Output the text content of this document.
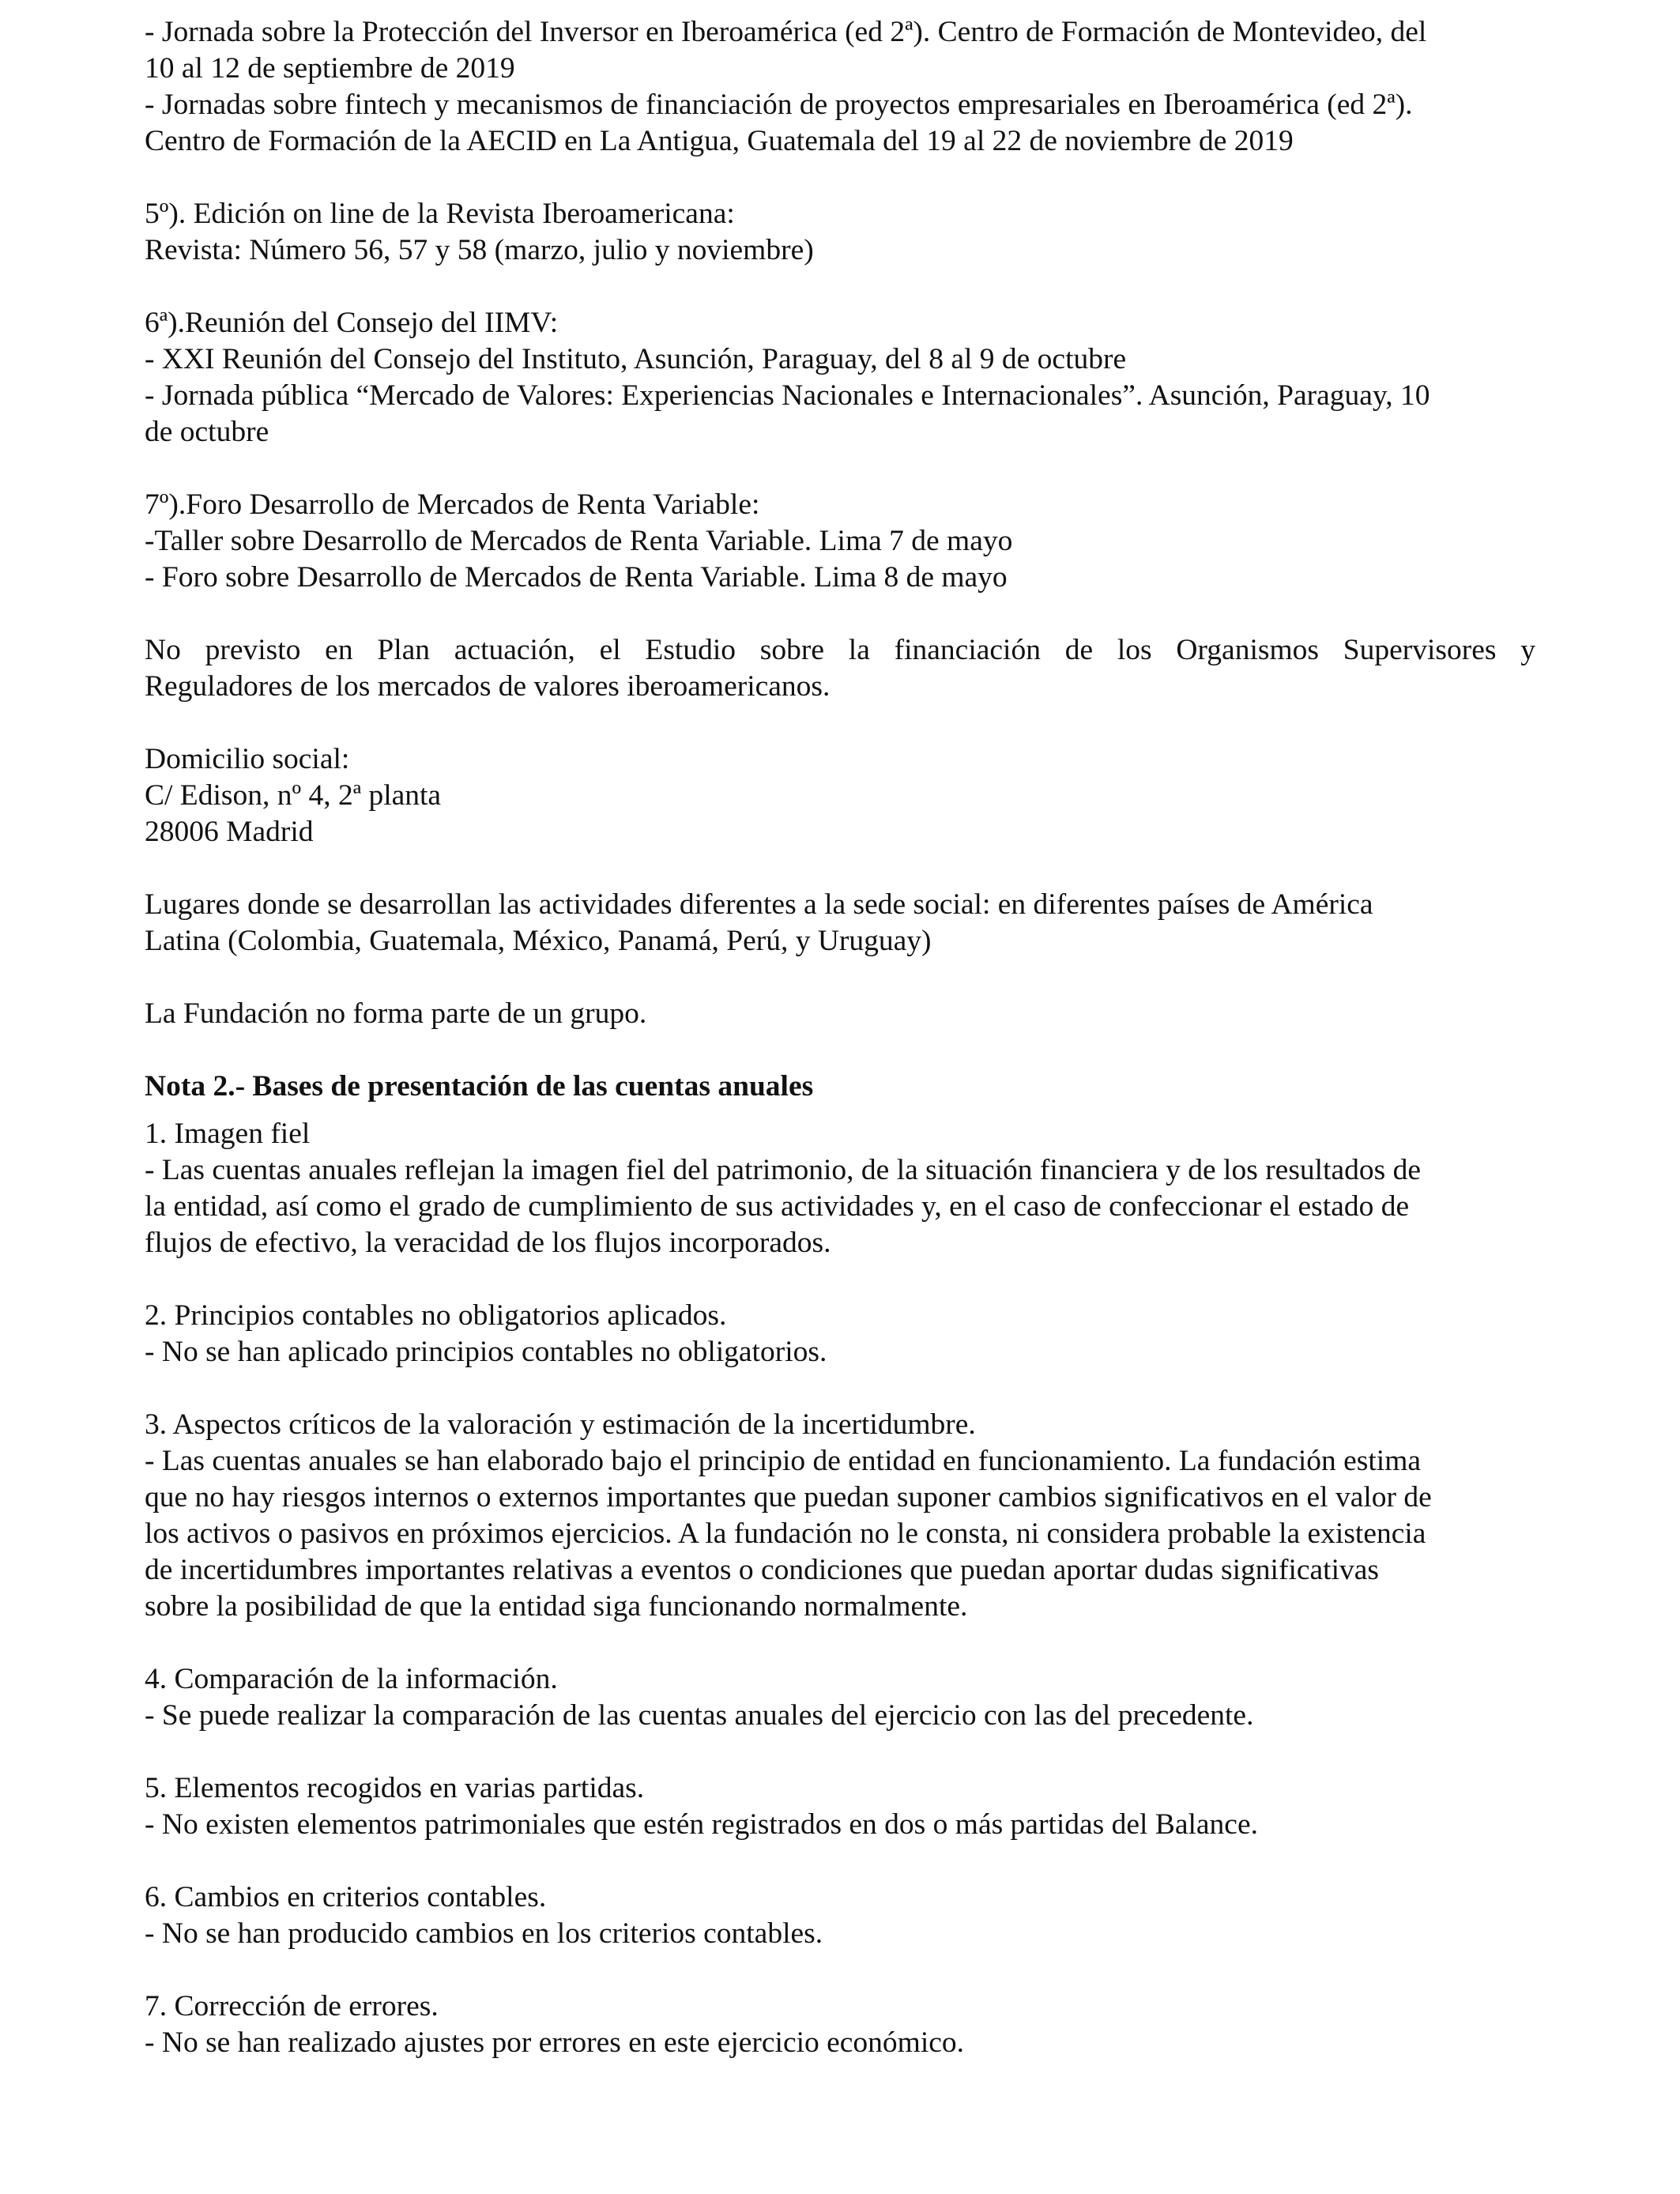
- Jornada sobre la Protección del Inversor en Iberoamérica (ed 2ª). Centro de Formación de Montevideo, del
10 al 12 de septiembre de 2019
- Jornadas sobre fintech y mecanismos de financiación de proyectos empresariales en Iberoamérica (ed 2ª).
Centro de Formación de la AECID en La Antigua, Guatemala del 19 al 22 de noviembre de 2019
5º). Edición on line de la Revista Iberoamericana:
Revista: Número 56, 57 y 58 (marzo, julio y noviembre)
6ª).Reunión del Consejo del IIMV:
- XXI Reunión del Consejo del Instituto, Asunción, Paraguay, del 8 al 9 de octubre
- Jornada pública “Mercado de Valores: Experiencias Nacionales e Internacionales”. Asunción, Paraguay, 10
de octubre
7º).Foro Desarrollo de Mercados de Renta Variable:
-Taller sobre Desarrollo de Mercados de Renta Variable. Lima 7 de mayo
- Foro sobre Desarrollo de Mercados de Renta Variable. Lima 8 de mayo
No previsto en Plan actuación, el Estudio sobre la financiación de los Organismos Supervisores y
Reguladores de los mercados de valores iberoamericanos.
Domicilio social:
C/ Edison, nº 4, 2ª planta
28006 Madrid
Lugares donde se desarrollan las actividades diferentes a la sede social: en diferentes países de América
Latina (Colombia, Guatemala, México, Panamá, Perú, y Uruguay)
La Fundación no forma parte de un grupo.
Nota 2.- Bases de presentación de las cuentas anuales
1. Imagen fiel
- Las cuentas anuales reflejan la imagen fiel del patrimonio, de la situación financiera y de los resultados de
la entidad, así como el grado de cumplimiento de sus actividades y, en el caso de confeccionar el estado de
flujos de efectivo, la veracidad de los flujos incorporados.
2. Principios contables no obligatorios aplicados.
- No se han aplicado principios contables no obligatorios.
3. Aspectos críticos de la valoración y estimación de la incertidumbre.
- Las cuentas anuales se han elaborado bajo el principio de entidad en funcionamiento. La fundación estima
que no hay riesgos internos o externos importantes que puedan suponer cambios significativos en el valor de
los activos o pasivos en próximos ejercicios. A la fundación no le consta, ni considera probable la existencia
de incertidumbres importantes relativas a eventos o condiciones que puedan aportar dudas significativas
sobre la posibilidad de que la entidad siga funcionando normalmente.
4. Comparación de la información.
- Se puede realizar la comparación de las cuentas anuales del ejercicio con las del precedente.
5. Elementos recogidos en varias partidas.
- No existen elementos patrimoniales que estén registrados en dos o más partidas del Balance.
6. Cambios en criterios contables.
- No se han producido cambios en los criterios contables.
7. Corrección de errores.
- No se han realizado ajustes por errores en este ejercicio económico.
